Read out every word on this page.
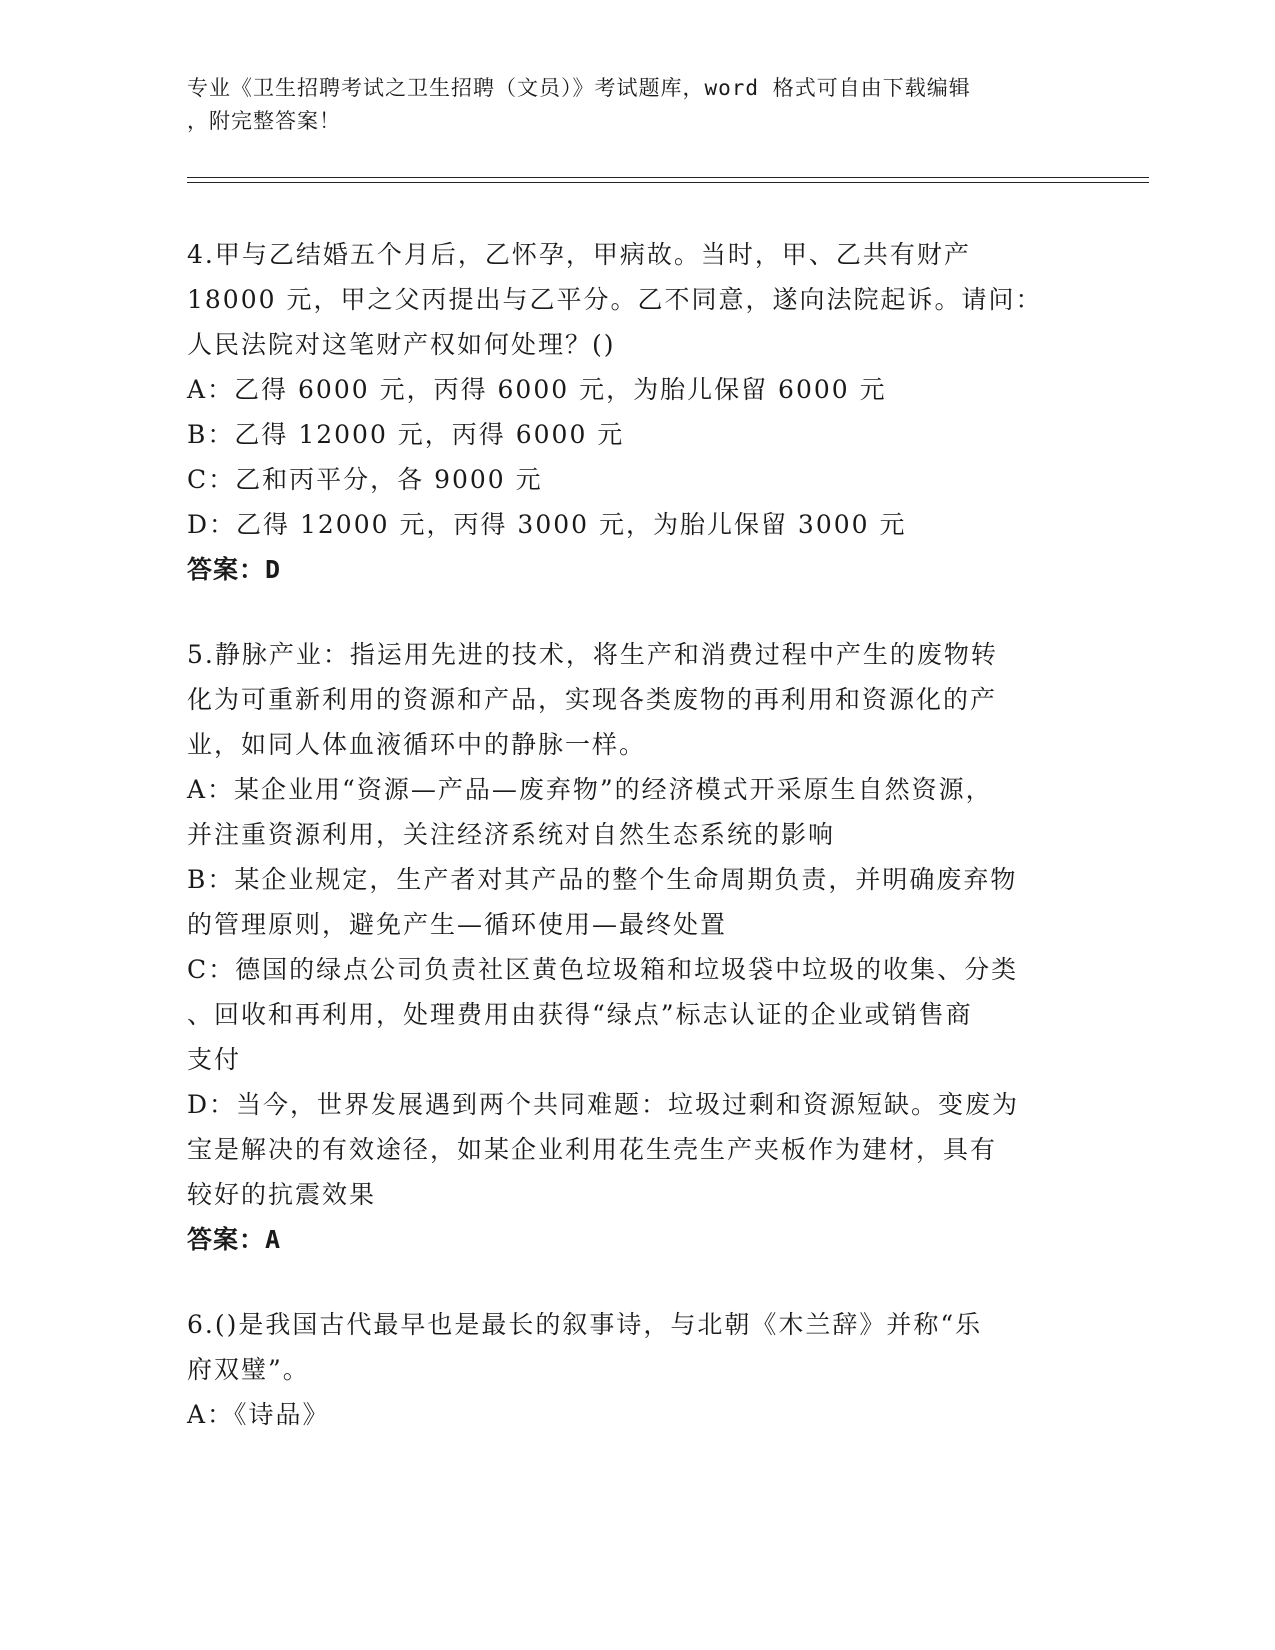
专业《卫生招聘考试之卫生招聘（文员）》考试题库，word 格式可自由下载编辑
，附完整答案！
4.甲与乙结婚五个月后，乙怀孕，甲病故。当时，甲、乙共有财产
18000 元，甲之父丙提出与乙平分。乙不同意，遂向法院起诉。请问：
人民法院对这笔财产权如何处理？()
A：乙得 6000 元，丙得 6000 元，为胎儿保留 6000 元
B：乙得 12000 元，丙得 6000 元
C：乙和丙平分，各 9000 元
D：乙得 12000 元，丙得 3000 元，为胎儿保留 3000 元
答案：D
5.静脉产业：指运用先进的技术，将生产和消费过程中产生的废物转
化为可重新利用的资源和产品，实现各类废物的再利用和资源化的产
业，如同人体血液循环中的静脉一样。
A：某企业用“资源—产品—废弃物”的经济模式开采原生自然资源，
并注重资源利用，关注经济系统对自然生态系统的影响
B：某企业规定，生产者对其产品的整个生命周期负责，并明确废弃物
的管理原则，避免产生—循环使用—最终处置
C：德国的绿点公司负责社区黄色垃圾箱和垃圾袋中垃圾的收集、分类
、回收和再利用，处理费用由获得“绿点”标志认证的企业或销售商
支付
D：当今，世界发展遇到两个共同难题：垃圾过剩和资源短缺。变废为
宝是解决的有效途径，如某企业利用花生壳生产夹板作为建材，具有
较好的抗震效果
答案：A
6.()是我国古代最早也是最长的叙事诗，与北朝《木兰辞》并称“乐
府双璧”。
A：《诗品》
